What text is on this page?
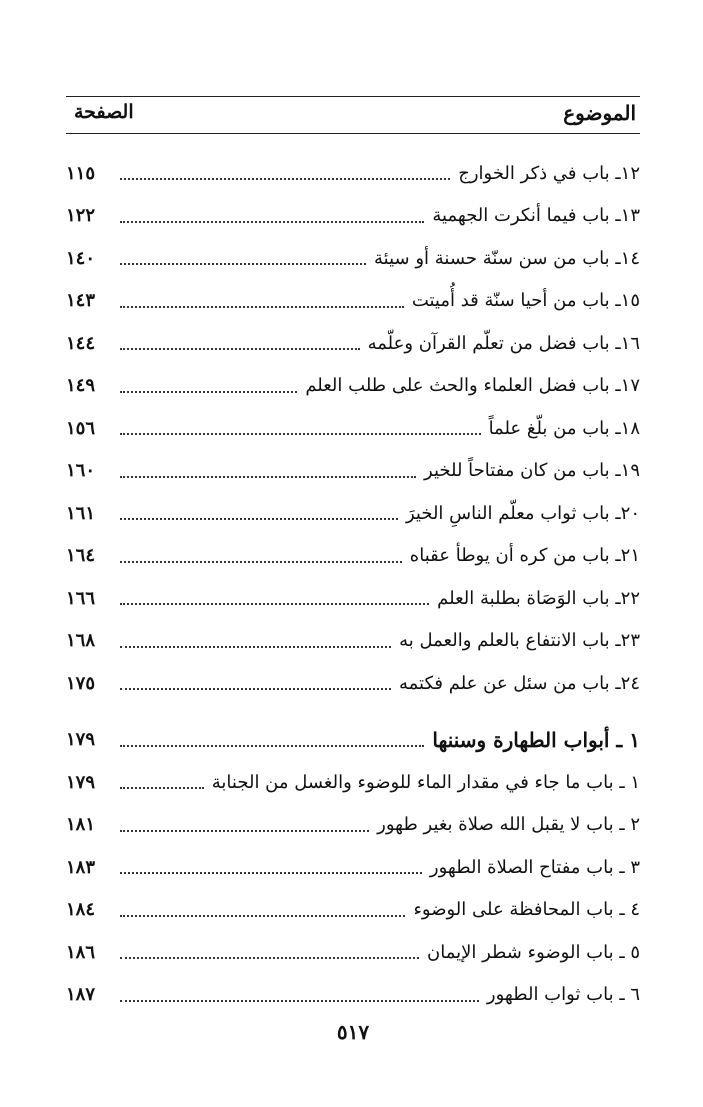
الموضوع
الصفحة
١٢ـ باب في ذكر الخوارج
١١٥
١٣ـ باب فيما أنكرت الجهمية
١٢٢
١٤ـ باب من سن سنّة حسنة أو سيئة
١٤٠
١٥ـ باب من أحيا سنّة قد أُميتت
١٤٣
١٦ـ باب فضل من تعلّم القرآن وعلّمه
١٤٤
١٧ـ باب فضل العلماء والحث على طلب العلم
١٤٩
١٨ـ باب من بلّغ علماً
١٥٦
١٩ـ باب من كان مفتاحاً للخير
١٦٠
٢٠ـ باب ثواب معلّم الناسِ الخيرَ
١٦١
٢١ـ باب من كره أن يوطأ عقباه
١٦٤
٢٢ـ باب الوَصَاة بطلبة العلم
١٦٦
٢٣ـ باب الانتفاع بالعلم والعمل به
١٦٨
٢٤ـ باب من سئل عن علم فكتمه
١٧٥
١ ـ أبواب الطهارة وسننها
١٧٩
١ ـ باب ما جاء في مقدار الماء للوضوء والغسل من الجنابة
١٧٩
٢ ـ باب لا يقبل الله صلاة بغير طهور
١٨١
٣ ـ باب مفتاح الصلاة الطهور
١٨٣
٤ ـ باب المحافظة على الوضوء
١٨٤
٥ ـ باب الوضوء شطر الإيمان
١٨٦
٦ ـ باب ثواب الطهور
١٨٧
٥١٧
